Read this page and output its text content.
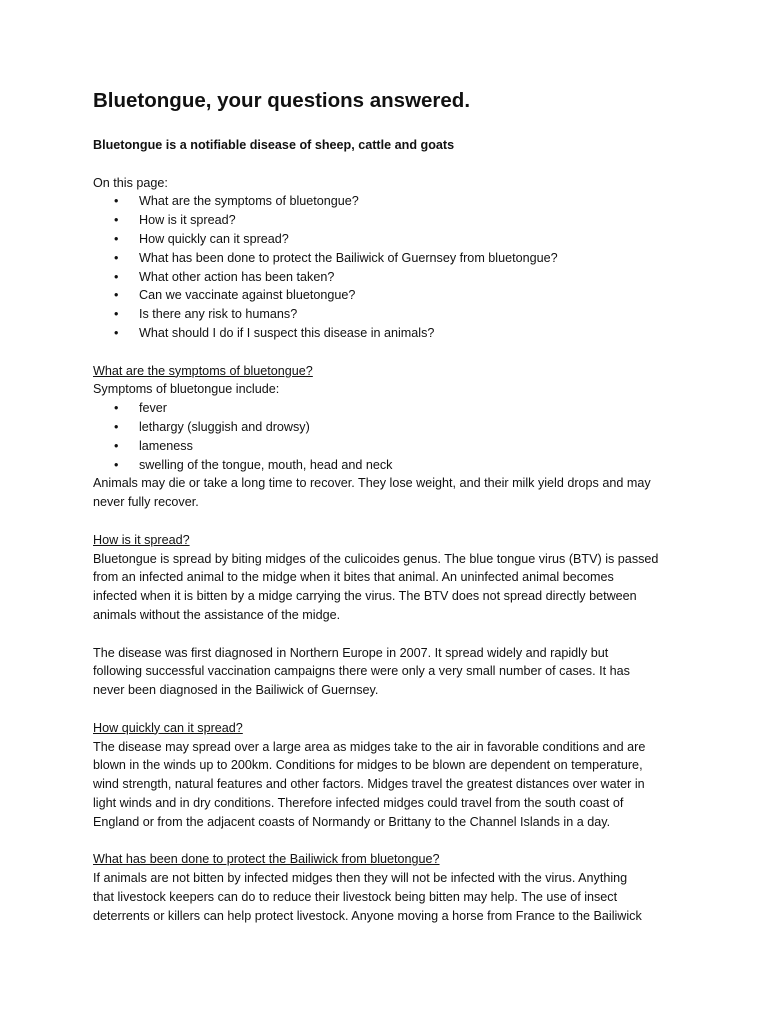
Bluetongue, your questions answered.

Bluetongue is a notifiable disease of sheep, cattle and goats

On this page:

• What are the symptoms of bluetongue?
• How is it spread?
• How quickly can it spread?
• What has been done to protect the Bailiwick of Guernsey from bluetongue?
• What other action has been taken?
• Can we vaccinate against bluetongue?
• Is there any risk to humans?
• What should I do if I suspect this disease in animals?

What are the symptoms of bluetongue?

Symptoms of bluetongue include:

• fever
• lethargy (sluggish and drowsy)
• lameness
• swelling of the tongue, mouth, head and neck

Animals may die or take a long time to recover. They lose weight, and their milk yield drops and may

never fully recover.

How is it spread?

Bluetongue is spread by biting midges of the culicoides genus. The blue tongue virus (BTV) is passed

from an infected animal to the midge when it bites that animal. An uninfected animal becomes

infected when it is bitten by a midge carrying the virus. The BTV does not spread directly between

animals without the assistance of the midge.

The disease was first diagnosed in Northern Europe in 2007. It spread widely and rapidly but

following successful vaccination campaigns there were only a very small number of cases. It has

never been diagnosed in the Bailiwick of Guernsey.

How quickly can it spread?

The disease may spread over a large area as midges take to the air in favorable conditions and are

blown in the winds up to 200km. Conditions for midges to be blown are dependent on temperature,

wind strength, natural features and other factors. Midges travel the greatest distances over water in

light winds and in dry conditions. Therefore infected midges could travel from the south coast of

England or from the adjacent coasts of Normandy or Brittany to the Channel Islands in a day.

What has been done to protect the Bailiwick from bluetongue?

If animals are not bitten by infected midges then they will not be infected with the virus. Anything

that livestock keepers can do to reduce their livestock being bitten may help. The use of insect

deterrents or killers can help protect livestock. Anyone moving a horse from France to the Bailiwick
